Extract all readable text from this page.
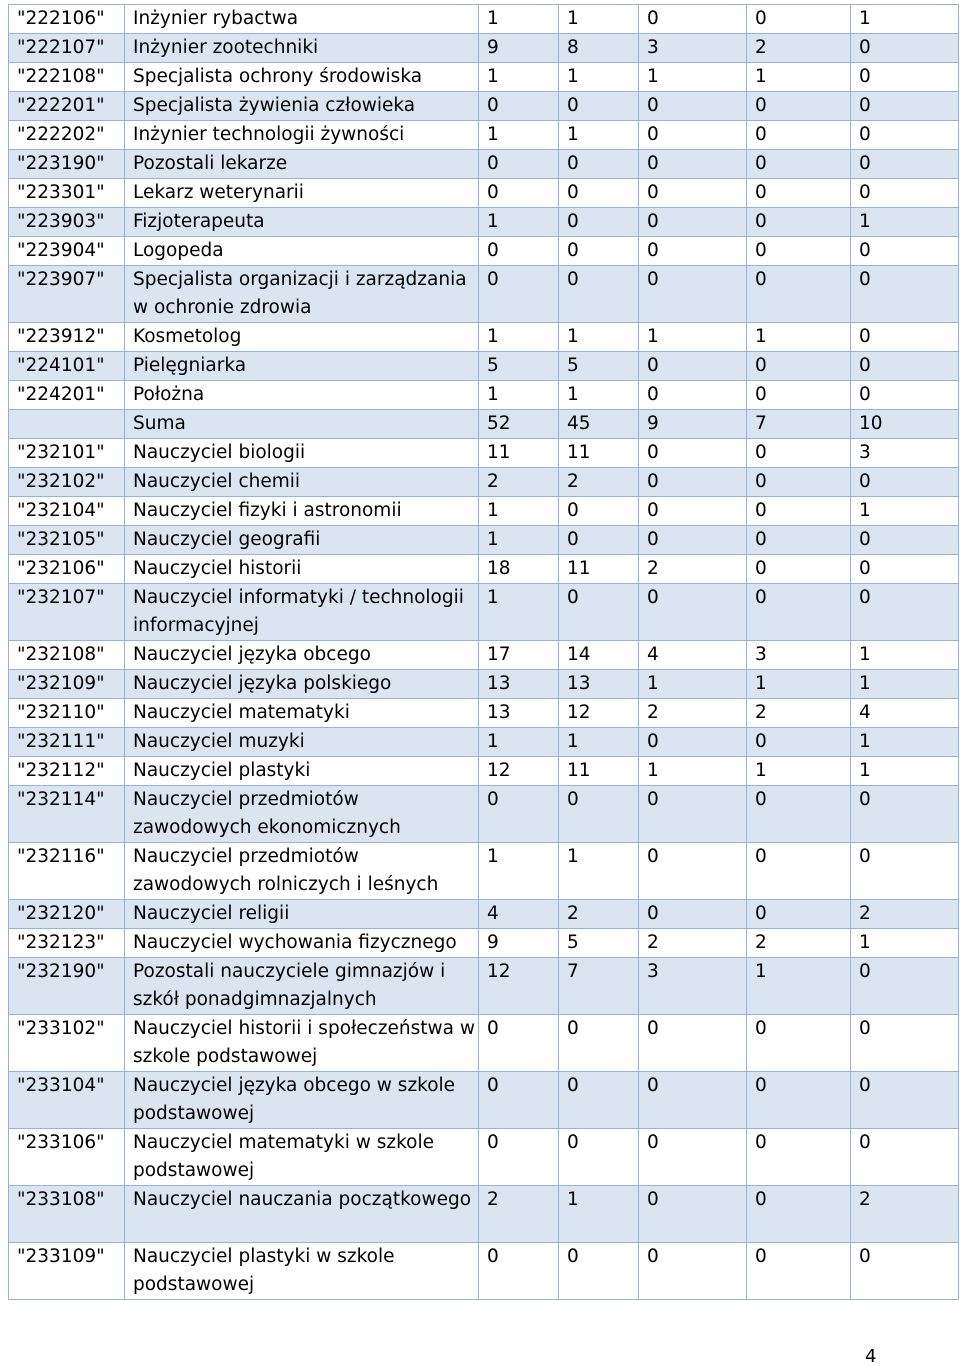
"222106"	Inżynier rybactwa	1	1	0	0	1
"222107"	Inżynier zootechniki	9	8	3	2	0
"222108"	Specjalista ochrony środowiska	1	1	1	1	0
"222201"	Specjalista żywienia człowieka	0	0	0	0	0
"222202"	Inżynier technologii żywności	1	1	0	0	0
"223190"	Pozostali lekarze	0	0	0	0	0
"223301"	Lekarz weterynarii	0	0	0	0	0
"223903"	Fizjoterapeuta	1	0	0	0	1
"223904"	Logopeda	0	0	0	0	0
"223907"	Specjalista organizacji i zarządzania w ochronie zdrowia	0	0	0	0	0
"223912"	Kosmetolog	1	1	1	1	0
"224101"	Pielęgniarka	5	5	0	0	0
"224201"	Położna	1	1	0	0	0
	Suma	52	45	9	7	10
"232101"	Nauczyciel biologii	11	11	0	0	3
"232102"	Nauczyciel chemii	2	2	0	0	0
"232104"	Nauczyciel fizyki i astronomii	1	0	0	0	1
"232105"	Nauczyciel geografii	1	0	0	0	0
"232106"	Nauczyciel historii	18	11	2	0	0
"232107"	Nauczyciel informatyki / technologii informacyjnej	1	0	0	0	0
"232108"	Nauczyciel języka obcego	17	14	4	3	1
"232109"	Nauczyciel języka polskiego	13	13	1	1	1
"232110"	Nauczyciel matematyki	13	12	2	2	4
"232111"	Nauczyciel muzyki	1	1	0	0	1
"232112"	Nauczyciel plastyki	12	11	1	1	1
"232114"	Nauczyciel przedmiotów zawodowych ekonomicznych	0	0	0	0	0
"232116"	Nauczyciel przedmiotów zawodowych rolniczych i leśnych	1	1	0	0	0
"232120"	Nauczyciel religii	4	2	0	0	2
"232123"	Nauczyciel wychowania fizycznego	9	5	2	2	1
"232190"	Pozostali nauczyciele gimnazjów i szkół ponadgimnazjalnych	12	7	3	1	0
"233102"	Nauczyciel historii i społeczeństwa w szkole podstawowej	0	0	0	0	0
"233104"	Nauczyciel języka obcego w szkole podstawowej	0	0	0	0	0
"233106"	Nauczyciel matematyki w szkole podstawowej	0	0	0	0	0
"233108"	Nauczyciel nauczania początkowego	2	1	0	0	2
"233109"	Nauczyciel plastyki w szkole podstawowej	0	0	0	0	0
4
